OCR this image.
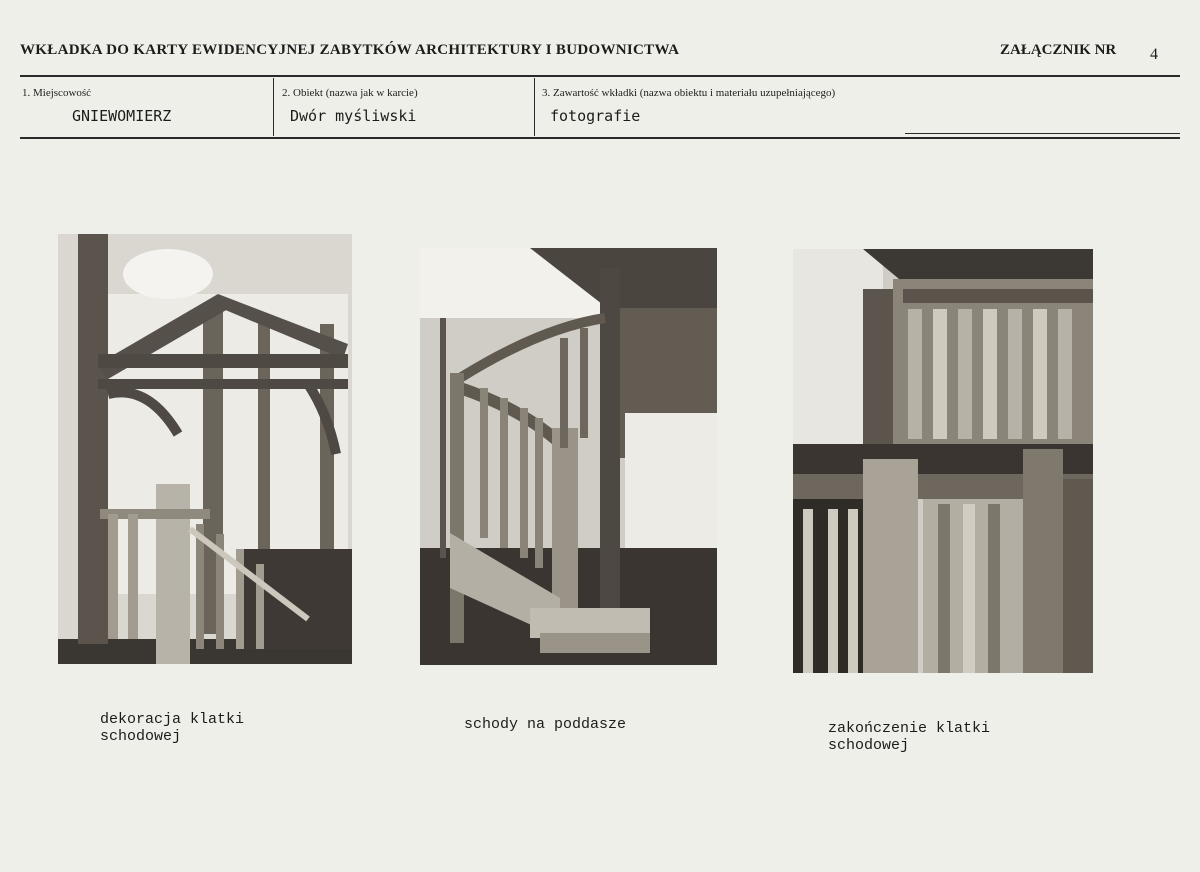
WKŁADKA DO KARTY EWIDENCYJNEJ ZABYTKÓW ARCHITEKTURY I BUDOWNICTWA	ZAŁĄCZNIK NR 4
1. Miejscowość
GNIEWOMIERZ
2. Obiekt (nazwa jak w karcie)
Dwór myśliwski
3. Zawartość wkładki (nazwa obiektu i materiału uzupełniającego)
fotografie
dekoracja klatki
schodowej
schody na poddasze	zakończenie klatki
schodowej
